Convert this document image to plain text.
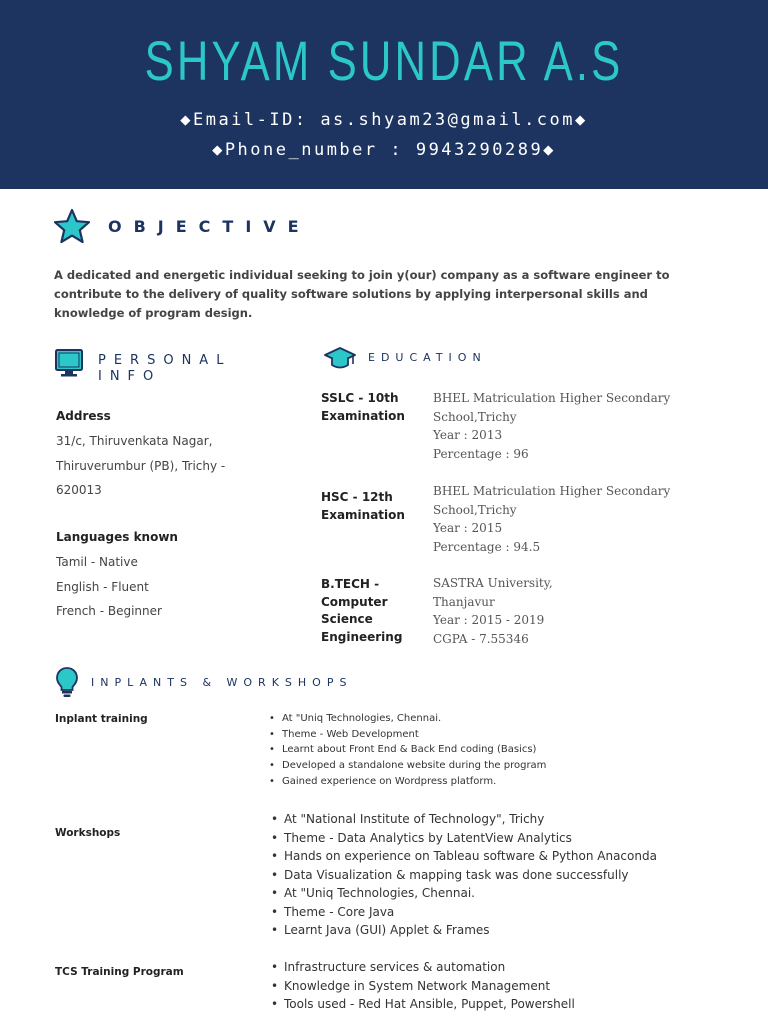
SHYAM SUNDAR A.S
◆Email-ID: as.shyam23@gmail.com◆
◆Phone_number : 9943290289◆
OBJECTIVE
A dedicated and energetic individual seeking to join y(our) company as a software engineer to contribute to the delivery of quality software solutions by applying interpersonal skills and knowledge of program design.
PERSONAL
INFO
Address
31/c, Thiruvenkata Nagar,
Thiruverumbur (PB), Trichy -
620013
Languages known
Tamil - Native
English - Fluent
French - Beginner
EDUCATION
SSLC - 10th
Examination
BHEL Matriculation Higher Secondary
School,Trichy
Year : 2013
Percentage : 96
HSC - 12th
Examination
BHEL Matriculation Higher Secondary
School,Trichy
Year : 2015
Percentage : 94.5
B.TECH -
Computer
Science
Engineering
SASTRA University,
Thanjavur
Year : 2015 - 2019
CGPA - 7.55346
INPLANTS & WORKSHOPS
Inplant training	• At "Uniq Technologies, Chennai.
• Theme - Web Development
• Learnt about Front End & Back End coding (Basics)
• Developed a standalone website during the program
• Gained experience on Wordpress platform.
Workshops
• At "National Institute of Technology", Trichy
• Theme - Data Analytics by LatentView Analytics
• Hands on experience on Tableau software & Python Anaconda
• Data Visualization & mapping task was done successfully
• At "Uniq Technologies, Chennai.
• Theme - Core Java
• Learnt Java (GUI) Applet & Frames
TCS Training Program	• Infrastructure services & automation
• Knowledge in System Network Management
• Tools used - Red Hat Ansible, Puppet, Powershell
